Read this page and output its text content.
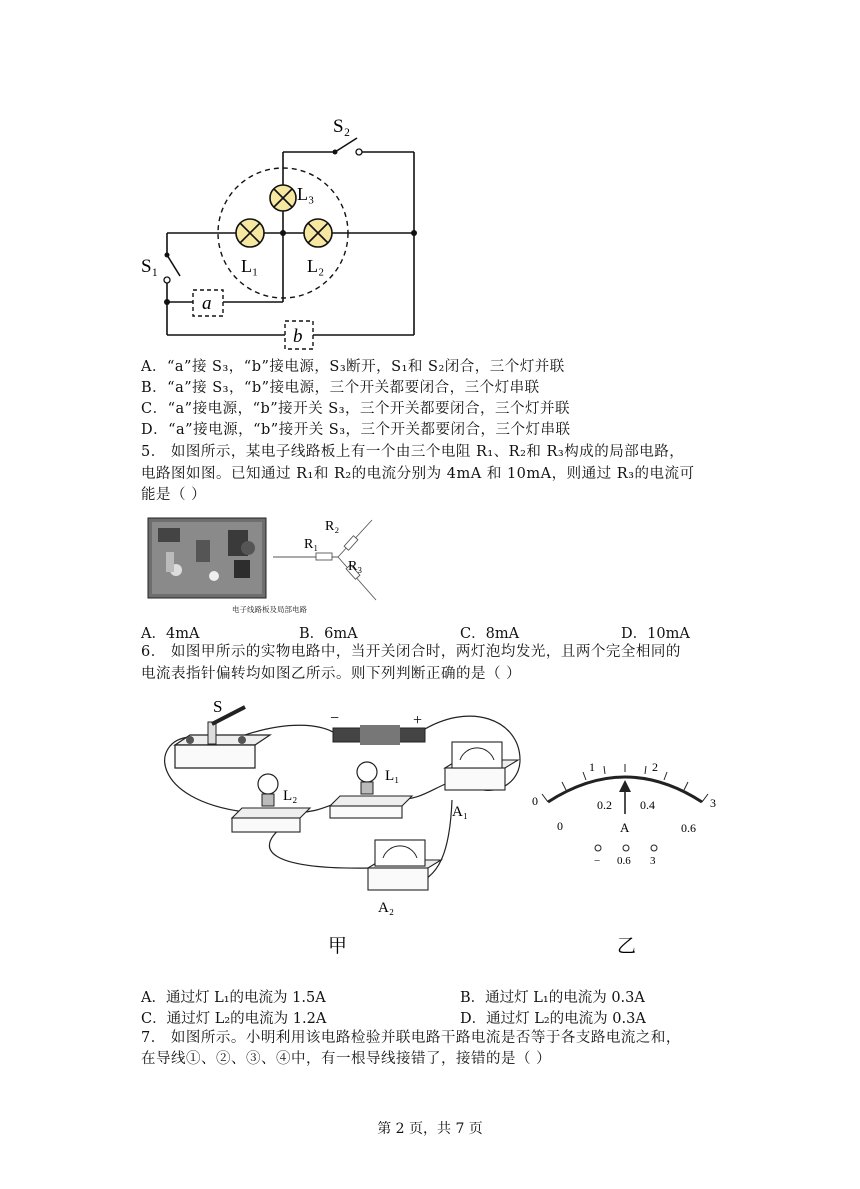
S₂
L₃
L₁	L₂
S₁
a
b
A．“a”接 S₃，“b”接电源，S₃断开，S₁和 S₂闭合，三个灯并联
B．“a”接 S₃，“b”接电源，三个开关都要闭合，三个灯串联
C．“a”接电源，“b”接开关 S₃，三个开关都要闭合，三个灯并联
D．“a”接电源，“b”接开关 S₃，三个开关都要闭合，三个灯串联
5． 如图所示，某电子线路板上有一个由三个电阻 R₁、R₂和 R₃构成的局部电路，
电路图如图。已知通过 R₁和 R₂的电流分别为 4mA 和 10mA，则通过 R₃的电流可
能是（ ）
电子线路板及局部电路
R₁
R₂
R₃
A．4mA	B．6mA	C．8mA	D．10mA
6． 如图甲所示的实物电路中，当开关闭合时，两灯泡均发光，且两个完全相同的
电流表指针偏转均如图乙所示。则下列判断正确的是（ ）
S
−	+
L₂
L₁
A₁
A₂
甲
0
1	2
3
0
0.2 0.4
0.6
A
− 0.6 3
乙
A．通过灯 L₁的电流为 1.5A	B．通过灯 L₁的电流为 0.3A
C．通过灯 L₂的电流为 1.2A	D．通过灯 L₂的电流为 0.3A
7． 如图所示。小明利用该电路检验并联电路干路电流是否等于各支路电流之和，
在导线①、②、③、④中，有一根导线接错了，接错的是（ ）
第 2 页，共 7 页
